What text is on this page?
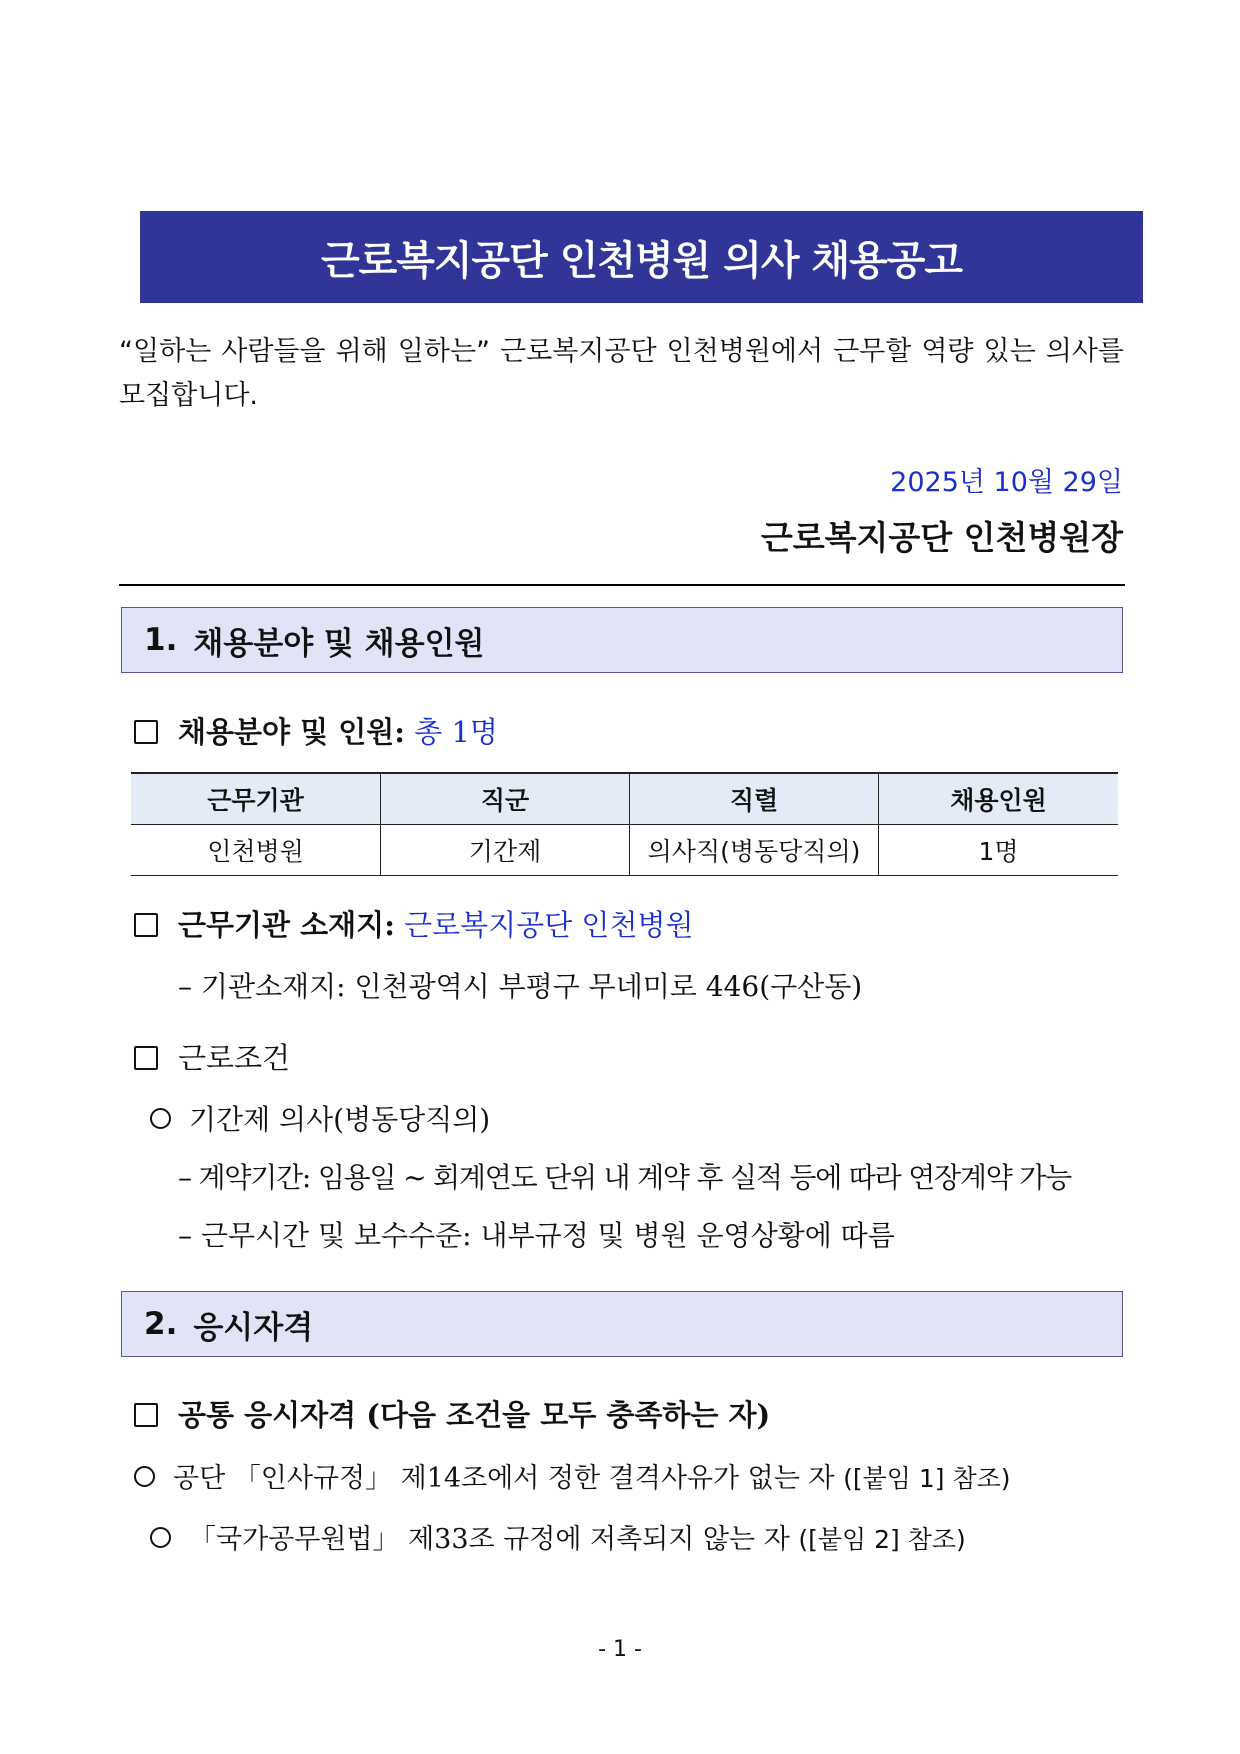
근로복지공단 인천병원 의사 채용공고
“일하는 사람들을 위해 일하는” 근로복지공단 인천병원에서 근무할 역량 있는 의사를
모집합니다.
2025년 10월 29일
근로복지공단 인천병원장
1. 채용분야 및 채용인원
채용분야 및 인원: 총 1명
근무기관	직군	직렬	채용인원
인천병원	기간제	의사직(병동당직의)	1명
근무기관 소재지: 근로복지공단 인천병원
– 기관소재지: 인천광역시 부평구 무네미로 446(구산동)
근로조건
기간제 의사(병동당직의)
– 계약기간: 임용일 ~ 회계연도 단위 내 계약 후 실적 등에 따라 연장계약 가능
– 근무시간 및 보수수준: 내부규정 및 병원 운영상황에 따름
2. 응시자격
공통 응시자격 (다음 조건을 모두 충족하는 자)
공단 「인사규정」 제14조에서 정한 결격사유가 없는 자 ([붙임 1] 참조)
「국가공무원법」 제33조 규정에 저촉되지 않는 자 ([붙임 2] 참조)
- 1 -
